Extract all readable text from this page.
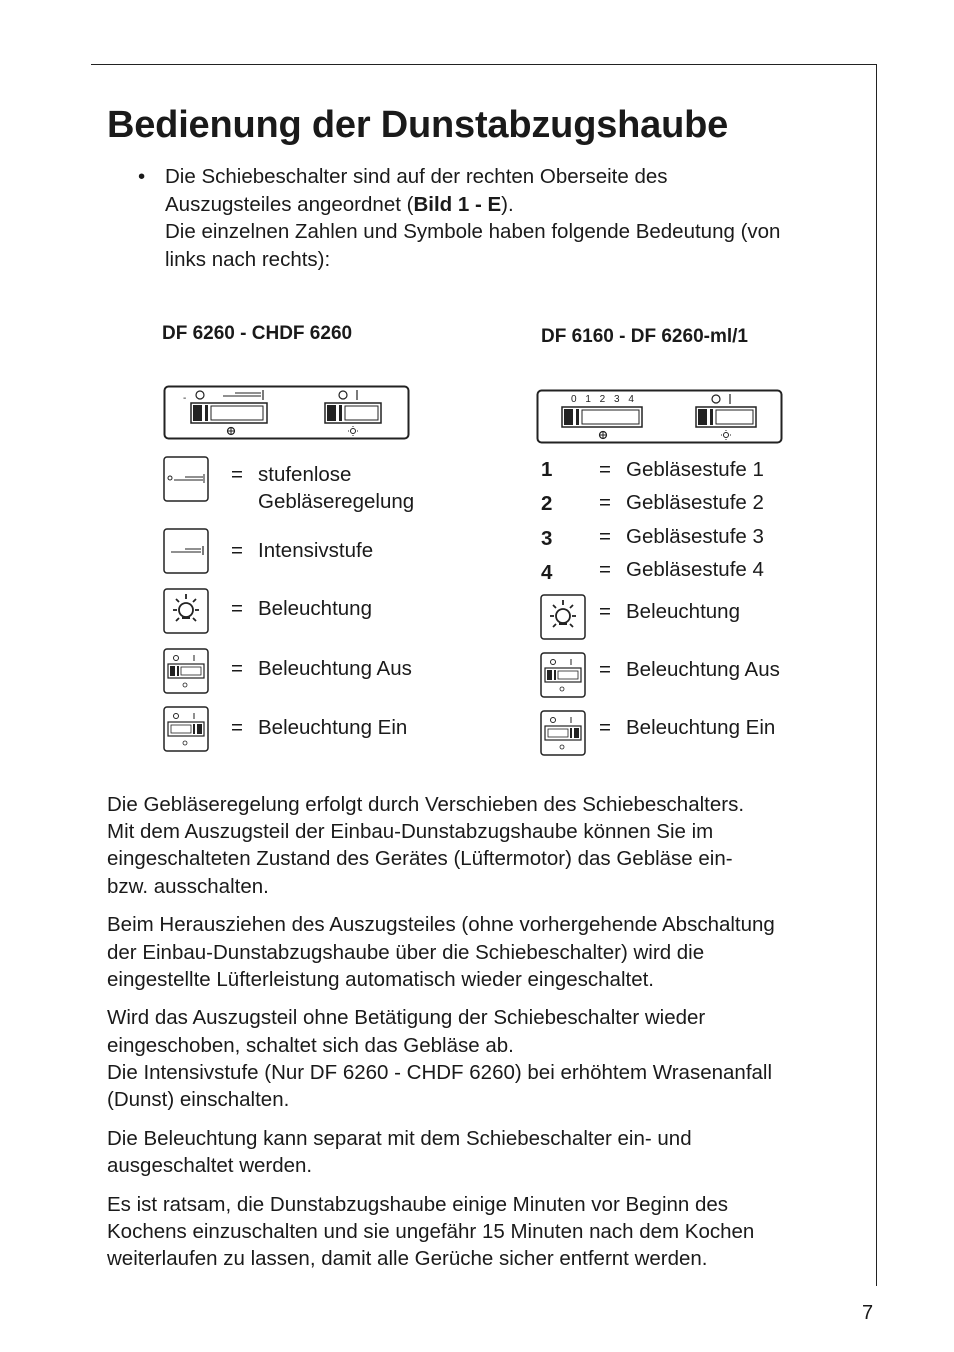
Bedienung der Dunstabzugshaube
• Die Schiebeschalter sind auf der rechten Oberseite des
Auszugsteiles angeordnet (Bild 1 - E).
Die einzelnen Zahlen und Symbole haben folgende Bedeutung (von
links nach rechts):
DF 6260 - CHDF 6260
-
= stufenlose
Gebläseregelung
= Intensivstufe
= Beleuchtung
= Beleuchtung Aus
= Beleuchtung Ein
DF 6160 - DF 6260-ml/1
0 1 2 3 4
1 = Gebläsestufe 1
2 = Gebläsestufe 2
3 = Gebläsestufe 3
4 = Gebläsestufe 4
= Beleuchtung
= Beleuchtung Aus
= Beleuchtung Ein

Die Gebläseregelung erfolgt durch Verschieben des Schiebeschalters.
Mit dem Auszugsteil der Einbau-Dunstabzugshaube können Sie im
eingeschalteten Zustand des Gerätes (Lüftermotor) das Gebläse ein-
bzw. ausschalten.

Beim Herausziehen des Auszugsteiles (ohne vorhergehende Abschaltung
der Einbau-Dunstabzugshaube über die Schiebeschalter) wird die
eingestellte Lüfterleistung automatisch wieder eingeschaltet.

Wird das Auszugsteil ohne Betätigung der Schiebeschalter wieder
eingeschoben, schaltet sich das Gebläse ab.
Die Intensivstufe (Nur DF 6260 - CHDF 6260) bei erhöhtem Wrasenanfall
(Dunst) einschalten.

Die Beleuchtung kann separat mit dem Schiebeschalter ein- und
ausgeschaltet werden.

Es ist ratsam, die Dunstabzugshaube einige Minuten vor Beginn des
Kochens einzuschalten und sie ungefähr 15 Minuten nach dem Kochen
weiterlaufen zu lassen, damit alle Gerüche sicher entfernt werden.

7
